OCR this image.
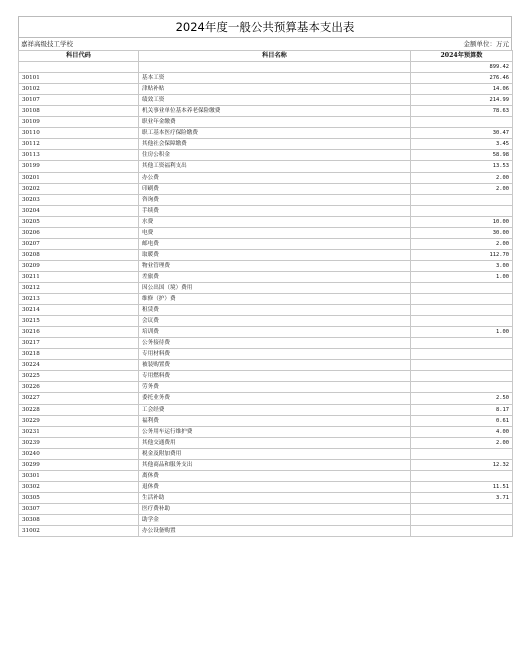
2024年度一般公共预算基本支出表
嘉祥高级技工学校	金额单位：万元
科目代码	科目名称	2024年预算数
		899.42
30101	基本工资	276.46
30102	津贴补贴	14.06
30107	绩效工资	214.99
30108	机关事业单位基本养老保险缴费	78.63
30109	职业年金缴费	
30110	职工基本医疗保险缴费	30.47
30112	其他社会保障缴费	3.45
30113	住房公积金	58.98
30199	其他工资福利支出	13.53
30201	办公费	2.00
30202	印刷费	2.00
30203	咨询费	
30204	手续费	
30205	水费	10.00
30206	电费	30.00
30207	邮电费	2.00
30208	取暖费	112.70
30209	物业管理费	3.00
30211	差旅费	1.00
30212	因公出国（境）费用	
30213	维修（护）费	
30214	租赁费	
30215	会议费	
30216	培训费	1.00
30217	公务接待费	
30218	专用材料费	
30224	被装购置费	
30225	专用燃料费	
30226	劳务费	
30227	委托业务费	2.50
30228	工会经费	8.17
30229	福利费	0.61
30231	公务用车运行维护费	4.00
30239	其他交通费用	2.00
30240	税金及附加费用	
30299	其他商品和服务支出	12.32
30301	离休费	
30302	退休费	11.51
30305	生活补助	3.71
30307	医疗费补助	
30308	助学金	
31002	办公设备购置	
